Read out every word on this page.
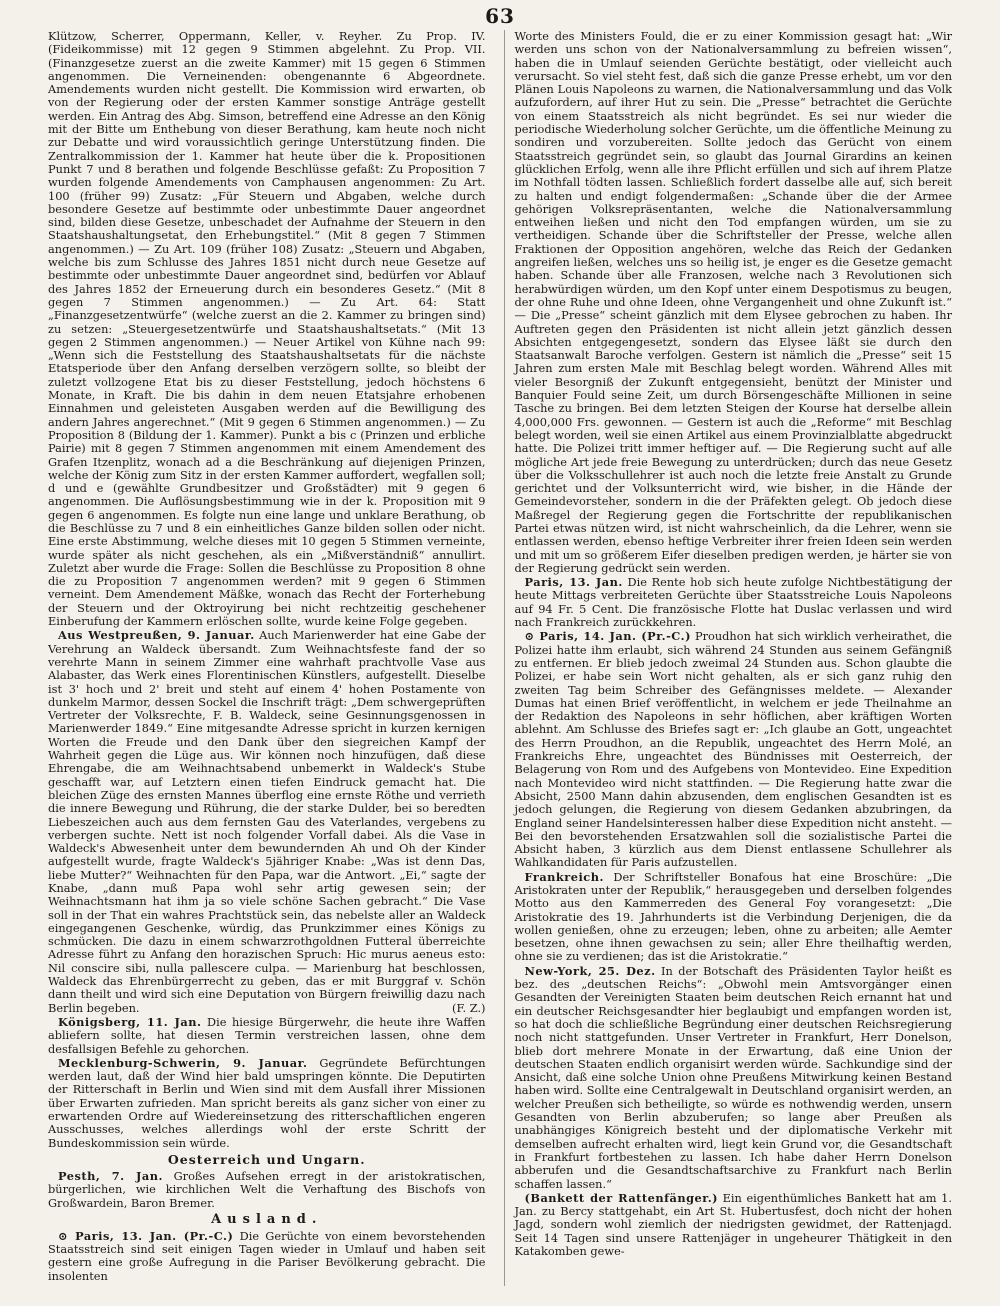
63

Klützow, Scherrer, Oppermann, Keller, v. Reyher. Zu Prop. IV. (Fideikommisse) mit 12 gegen 9 Stimmen abgelehnt. Zu Prop. VII. (Finanzgesetze zuerst an die zweite Kammer) mit 15 gegen 6 Stimmen angenommen. Die Verneinenden: obengenannte 6 Abgeordnete. Amendements wurden nicht gestellt. Die Kommission wird erwarten, ob von der Regierung oder der ersten Kammer sonstige Anträge gestellt werden. Ein Antrag des Abg. Simson, betreffend eine Adresse an den König mit der Bitte um Enthebung von dieser Berathung, kam heute noch nicht zur Debatte und wird voraussichtlich geringe Unterstützung finden. Die Zentralkommission der 1. Kammer hat heute über die k. Propositionen Punkt 7 und 8 berathen und folgende Beschlüsse gefaßt: Zu Proposition 7 wurden folgende Amendements von Camphausen angenommen: Zu Art. 100 (früher 99) Zusatz: „Für Steuern und Abgaben, welche durch besondere Gesetze auf bestimmte oder unbestimmte Dauer angeordnet sind, bilden diese Gesetze, unbeschadet der Aufnahme der Steuern in den Staatshaushaltungsetat, den Erhebungstitel.“ (Mit 8 gegen 7 Stimmen angenommen.) — Zu Art. 109 (früher 108) Zusatz: „Steuern und Abgaben, welche bis zum Schlusse des Jahres 1851 nicht durch neue Gesetze auf bestimmte oder unbestimmte Dauer angeordnet sind, bedürfen vor Ablauf des Jahres 1852 der Erneuerung durch ein besonderes Gesetz.“ (Mit 8 gegen 7 Stimmen angenommen.) — Zu Art. 64: Statt „Finanzgesetzentwürfe“ (welche zuerst an die 2. Kammer zu bringen sind) zu setzen: „Steuergesetzentwürfe und Staatshaushaltsetats.“ (Mit 13 gegen 2 Stimmen angenommen.) — Neuer Artikel von Kühne nach 99: „Wenn sich die Feststellung des Staatshaushaltsetats für die nächste Etatsperiode über den Anfang derselben verzögern sollte, so bleibt der zuletzt vollzogene Etat bis zu dieser Feststellung, jedoch höchstens 6 Monate, in Kraft. Die bis dahin in dem neuen Etatsjahre erhobenen Einnahmen und geleisteten Ausgaben werden auf die Bewilligung des andern Jahres angerechnet.“ (Mit 9 gegen 6 Stimmen angenommen.) — Zu Proposition 8 (Bildung der 1. Kammer). Punkt a bis c (Prinzen und erbliche Pairie) mit 8 gegen 7 Stimmen angenommen mit einem Amendement des Grafen Itzenplitz, wonach ad a die Beschränkung auf diejenigen Prinzen, welche der König zum Sitz in der ersten Kammer auffordert, wegfallen soll; d und e (gewählte Grundbesitzer und Großstädter) mit 9 gegen 6 angenommen. Die Auflösungsbestimmung wie in der k. Proposition mit 9 gegen 6 angenommen. Es folgte nun eine lange und unklare Berathung, ob die Beschlüsse zu 7 und 8 ein einheitliches Ganze bilden sollen oder nicht. Eine erste Abstimmung, welche dieses mit 10 gegen 5 Stimmen verneinte, wurde später als nicht geschehen, als ein „Mißverständniß“ annullirt. Zuletzt aber wurde die Frage: Sollen die Beschlüsse zu Proposition 8 ohne die zu Proposition 7 angenommen werden? mit 9 gegen 6 Stimmen verneint. Dem Amendement Mäßke, wonach das Recht der Forterhebung der Steuern und der Oktroyirung bei nicht rechtzeitig geschehener Einberufung der Kammern erlöschen sollte, wurde keine Folge gegeben.

Aus Westpreußen, 9. Januar. Auch Marienwerder hat eine Gabe der Verehrung an Waldeck übersandt. Zum Weihnachtsfeste fand der so verehrte Mann in seinem Zimmer eine wahrhaft prachtvolle Vase aus Alabaster, das Werk eines Florentinischen Künstlers, aufgestellt. Dieselbe ist 3' hoch und 2' breit und steht auf einem 4' hohen Postamente von dunkelm Marmor, dessen Sockel die Inschrift trägt: „Dem schwergeprüften Vertreter der Volksrechte, F. B. Waldeck, seine Gesinnungsgenossen in Marienwerder 1849.“ Eine mitgesandte Adresse spricht in kurzen kernigen Worten die Freude und den Dank über den siegreichen Kampf der Wahrheit gegen die Lüge aus. Wir können noch hinzufügen, daß diese Ehrengabe, die am Weihnachtsabend unbemerkt in Waldeck's Stube geschafft war, auf Letztern einen tiefen Eindruck gemacht hat. Die bleichen Züge des ernsten Mannes überflog eine ernste Röthe und verrieth die innere Bewegung und Rührung, die der starke Dulder, bei so beredten Liebeszeichen auch aus dem fernsten Gau des Vaterlandes, vergebens zu verbergen suchte. Nett ist noch folgender Vorfall dabei. Als die Vase in Waldeck's Abwesenheit unter dem bewundernden Ah und Oh der Kinder aufgestellt wurde, fragte Waldeck's 5jähriger Knabe: „Was ist denn Das, liebe Mutter?“ Weihnachten für den Papa, war die Antwort. „Ei,“ sagte der Knabe, „dann muß Papa wohl sehr artig gewesen sein; der Weihnachtsmann hat ihm ja so viele schöne Sachen gebracht.“ Die Vase soll in der That ein wahres Prachtstück sein, das nebelste aller an Waldeck eingegangenen Geschenke, würdig, das Prunkzimmer eines Königs zu schmücken. Die dazu in einem schwarzrothgoldnen Futteral überreichte Adresse führt zu Anfang den horazischen Spruch: Hic murus aeneus esto: Nil conscire sibi, nulla pallescere culpa. — Marienburg hat beschlossen, Waldeck das Ehrenbürgerrecht zu geben, das er mit Burggraf v. Schön dann theilt und wird sich eine Deputation von Bürgern freiwillig dazu nach Berlin begeben.	(F. Z.)

Königsberg, 11. Jan. Die hiesige Bürgerwehr, die heute ihre Waffen abliefern sollte, hat diesen Termin verstreichen lassen, ohne dem desfallsigen Befehle zu gehorchen.

Mecklenburg-Schwerin, 9. Januar. Gegründete Befürchtungen werden laut, daß der Wind hier bald umspringen könnte. Die Deputirten der Ritterschaft in Berlin und Wien sind mit dem Ausfall ihrer Missionen über Erwarten zufrieden. Man spricht bereits als ganz sicher von einer zu erwartenden Ordre auf Wiedereinsetzung des ritterschaftlichen engeren Ausschusses, welches allerdings wohl der erste Schritt der Bundeskommission sein würde.

Oesterreich und Ungarn.

Pesth, 7. Jan. Großes Aufsehen erregt in der aristokratischen, bürgerlichen, wie kirchlichen Welt die Verhaftung des Bischofs von Großwardein, Baron Bremer.

Ausland.

⊙ Paris, 13. Jan. (Pr.-C.) Die Gerüchte von einem bevorstehenden Staatsstreich sind seit einigen Tagen wieder in Umlauf und haben seit gestern eine große Aufregung in die Pariser Bevölkerung gebracht. Die insolenten

Worte des Ministers Fould, die er zu einer Kommission gesagt hat: „Wir werden uns schon von der Nationalversammlung zu befreien wissen“, haben die in Umlauf seienden Gerüchte bestätigt, oder vielleicht auch verursacht. So viel steht fest, daß sich die ganze Presse erhebt, um vor den Plänen Louis Napoleons zu warnen, die Nationalversammlung und das Volk aufzufordern, auf ihrer Hut zu sein. Die „Presse“ betrachtet die Gerüchte von einem Staatsstreich als nicht begründet. Es sei nur wieder die periodische Wiederholung solcher Gerüchte, um die öffentliche Meinung zu sondiren und vorzubereiten. Sollte jedoch das Gerücht von einem Staatsstreich gegründet sein, so glaubt das Journal Girardins an keinen glücklichen Erfolg, wenn alle ihre Pflicht erfüllen und sich auf ihrem Platze im Nothfall tödten lassen. Schließlich fordert dasselbe alle auf, sich bereit zu halten und endigt folgendermaßen: „Schande über die der Armee gehörigen Volksrepräsentanten, welche die Nationalversammlung entweihen ließen und nicht den Tod empfangen würden, um sie zu vertheidigen. Schande über die Schriftsteller der Presse, welche allen Fraktionen der Opposition angehören, welche das Reich der Gedanken angreifen ließen, welches uns so heilig ist, je enger es die Gesetze gemacht haben. Schande über alle Franzosen, welche nach 3 Revolutionen sich herabwürdigen würden, um den Kopf unter einem Despotismus zu beugen, der ohne Ruhe und ohne Ideen, ohne Vergangenheit und ohne Zukunft ist.“ — Die „Presse“ scheint gänzlich mit dem Elysee gebrochen zu haben. Ihr Auftreten gegen den Präsidenten ist nicht allein jetzt gänzlich dessen Absichten entgegengesetzt, sondern das Elysee läßt sie durch den Staatsanwalt Baroche verfolgen. Gestern ist nämlich die „Presse“ seit 15 Jahren zum ersten Male mit Beschlag belegt worden. Während Alles mit vieler Besorgniß der Zukunft entgegensieht, benützt der Minister und Banquier Fould seine Zeit, um durch Börsengeschäfte Millionen in seine Tasche zu bringen. Bei dem letzten Steigen der Kourse hat derselbe allein 4,000,000 Frs. gewonnen. — Gestern ist auch die „Reforme“ mit Beschlag belegt worden, weil sie einen Artikel aus einem Provinzialblatte abgedruckt hatte. Die Polizei tritt immer heftiger auf. — Die Regierung sucht auf alle mögliche Art jede freie Bewegung zu unterdrücken; durch das neue Gesetz über die Volksschullehrer ist auch noch die letzte freie Anstalt zu Grunde gerichtet und der Volksunterricht wird, wie bisher, in die Hände der Gemeindevorsteher, sondern in die der Präfekten gelegt. Ob jedoch diese Maßregel der Regierung gegen die Fortschritte der republikanischen Partei etwas nützen wird, ist nicht wahrscheinlich, da die Lehrer, wenn sie entlassen werden, ebenso heftige Verbreiter ihrer freien Ideen sein werden und mit um so größerem Eifer dieselben predigen werden, je härter sie von der Regierung gedrückt sein werden.

Paris, 13. Jan. Die Rente hob sich heute zufolge Nichtbestätigung der heute Mittags verbreiteten Gerüchte über Staatsstreiche Louis Napoleons auf 94 Fr. 5 Cent. Die französische Flotte hat Duslac verlassen und wird nach Frankreich zurückkehren.

⊙ Paris, 14. Jan. (Pr.-C.) Proudhon hat sich wirklich verheirathet, die Polizei hatte ihm erlaubt, sich während 24 Stunden aus seinem Gefängniß zu entfernen. Er blieb jedoch zweimal 24 Stunden aus. Schon glaubte die Polizei, er habe sein Wort nicht gehalten, als er sich ganz ruhig den zweiten Tag beim Schreiber des Gefängnisses meldete. — Alexander Dumas hat einen Brief veröffentlicht, in welchem er jede Theilnahme an der Redaktion des Napoleons in sehr höflichen, aber kräftigen Worten ablehnt. Am Schlusse des Briefes sagt er: „Ich glaube an Gott, ungeachtet des Herrn Proudhon, an die Republik, ungeachtet des Herrn Molé, an Frankreichs Ehre, ungeachtet des Bündnisses mit Oesterreich, der Belagerung von Rom und des Aufgebens von Montevideo. Eine Expedition nach Montevideo wird nicht stattfinden. — Die Regierung hatte zwar die Absicht, 2500 Mann dahin abzusenden, dem englischen Gesandten ist es jedoch gelungen, die Regierung von diesem Gedanken abzubringen, da England seiner Handelsinteressen halber diese Expedition nicht ansteht. — Bei den bevorstehenden Ersatzwahlen soll die sozialistische Partei die Absicht haben, 3 kürzlich aus dem Dienst entlassene Schullehrer als Wahlkandidaten für Paris aufzustellen.

Frankreich. Der Schriftsteller Bonafous hat eine Broschüre: „Die Aristokraten unter der Republik,“ herausgegeben und derselben folgendes Motto aus den Kammerreden des General Foy vorangesetzt: „Die Aristokratie des 19. Jahrhunderts ist die Verbindung Derjenigen, die da wollen genießen, ohne zu erzeugen; leben, ohne zu arbeiten; alle Aemter besetzen, ohne ihnen gewachsen zu sein; aller Ehre theilhaftig werden, ohne sie zu verdienen; das ist die Aristokratie.“

New-York, 25. Dez. In der Botschaft des Präsidenten Taylor heißt es bez. des „deutschen Reichs“: „Obwohl mein Amtsvorgänger einen Gesandten der Vereinigten Staaten beim deutschen Reich ernannt hat und ein deutscher Reichsgesandter hier beglaubigt und empfangen worden ist, so hat doch die schließliche Begründung einer deutschen Reichsregierung noch nicht stattgefunden. Unser Vertreter in Frankfurt, Herr Donelson, blieb dort mehrere Monate in der Erwartung, daß eine Union der deutschen Staaten endlich organisirt werden würde. Sachkundige sind der Ansicht, daß eine solche Union ohne Preußens Mitwirkung keinen Bestand haben wird. Sollte eine Centralgewalt in Deutschland organisirt werden, an welcher Preußen sich betheiligte, so würde es nothwendig werden, unsern Gesandten von Berlin abzuberufen; so lange aber Preußen als unabhängiges Königreich besteht und der diplomatische Verkehr mit demselben aufrecht erhalten wird, liegt kein Grund vor, die Gesandtschaft in Frankfurt fortbestehen zu lassen. Ich habe daher Herrn Donelson abberufen und die Gesandtschaftsarchive zu Frankfurt nach Berlin schaffen lassen.“

(Bankett der Rattenfänger.) Ein eigenthümliches Bankett hat am 1. Jan. zu Bercy stattgehabt, ein Art St. Hubertusfest, doch nicht der hohen Jagd, sondern wohl ziemlich der niedrigsten gewidmet, der Rattenjagd. Seit 14 Tagen sind unsere Rattenjäger in ungeheurer Thätigkeit in den Katakomben gewe-
